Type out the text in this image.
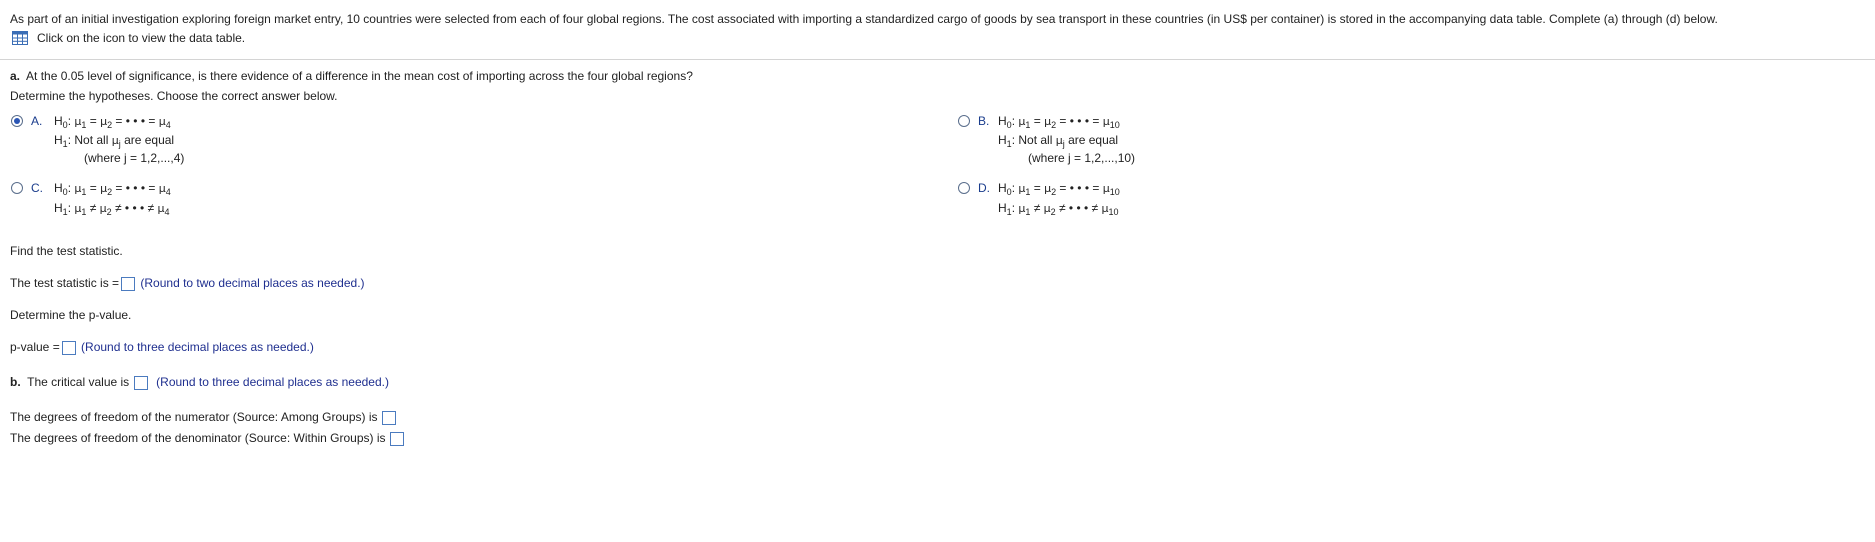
As part of an initial investigation exploring foreign market entry, 10 countries were selected from each of four global regions. The cost associated with importing a standardized cargo of goods by sea transport in these countries (in US$ per container) is stored in the accompanying data table. Complete (a) through (d) below.
Click on the icon to view the data table.
a. At the 0.05 level of significance, is there evidence of a difference in the mean cost of importing across the four global regions?
Determine the hypotheses. Choose the correct answer below.
A. $H_0$: $\mu_1 = \mu_2$ = • • • = $\mu_4$
$H_1$: Not all $\mu_j$ are equal
(where j = 1,2,...,4)
B. $H_0$: $\mu_1 = \mu_2$ = • • • = $\mu_{10}$
$H_1$: Not all $\mu_j$ are equal
(where j = 1,2,...,10)
C. $H_0$: $\mu_1 = \mu_2$ = • • • = $\mu_4$
$H_1$: $\mu_1 \ne \mu_2$ ≠ • • • ≠ $\mu_4$
D. $H_0$: $\mu_1 = \mu_2$ = • • • = $\mu_{10}$
$H_1$: $\mu_1 \ne \mu_2$ ≠ • • • ≠ $\mu_{10}$
Find the test statistic.
The test statistic is = (Round to two decimal places as needed.)
Determine the p-value.
p-value = (Round to three decimal places as needed.)
b. The critical value is (Round to three decimal places as needed.)
The degrees of freedom of the numerator (Source: Among Groups) is
The degrees of freedom of the denominator (Source: Within Groups) is
